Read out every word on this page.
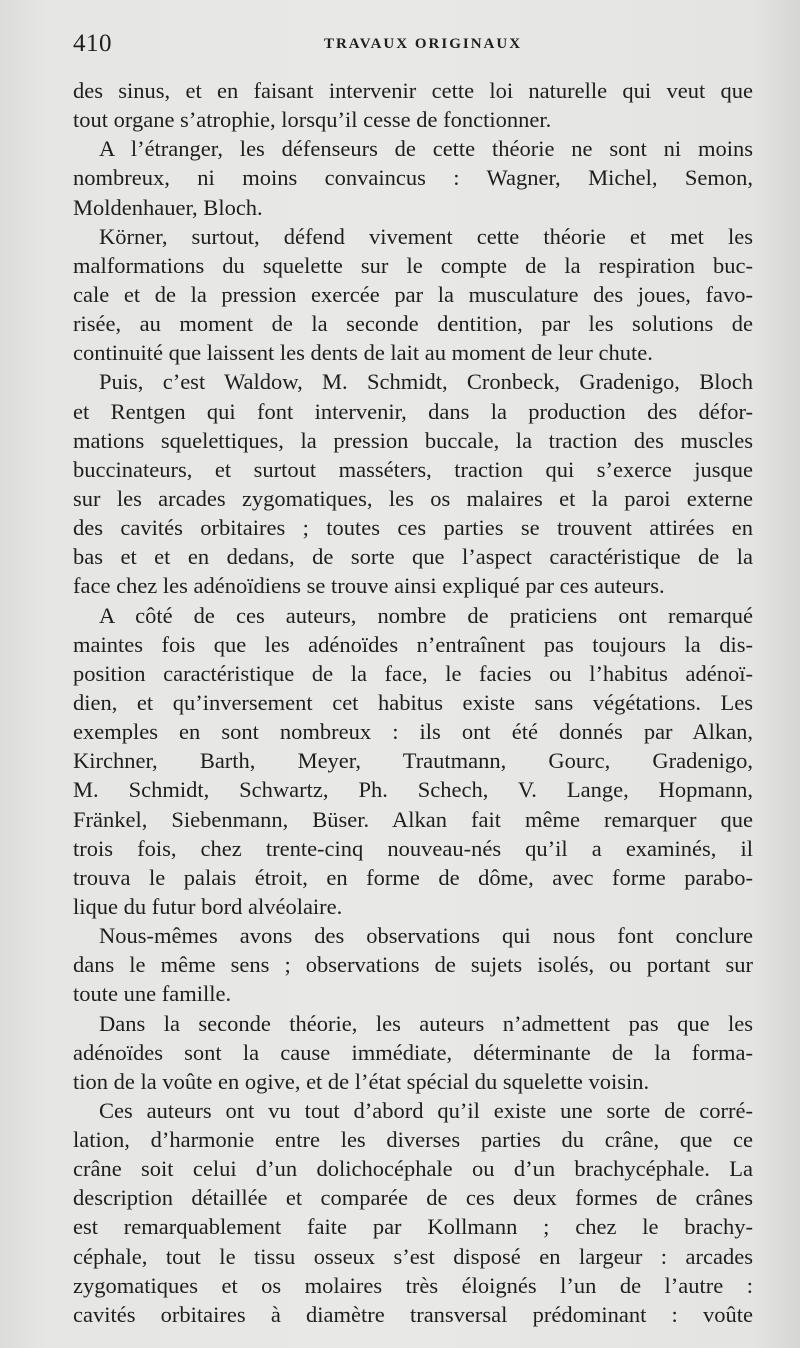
410	TRAVAUX ORIGINAUX
des sinus, et en faisant intervenir cette loi naturelle qui veut que
tout organe s’atrophie, lorsqu’il cesse de fonctionner.
A l’étranger, les défenseurs de cette théorie ne sont ni moins
nombreux, ni moins convaincus : Wagner, Michel, Semon,
Moldenhauer, Bloch.
Körner, surtout, défend vivement cette théorie et met les
malformations du squelette sur le compte de la respiration buc-
cale et de la pression exercée par la musculature des joues, favo-
risée, au moment de la seconde dentition, par les solutions de
continuité que laissent les dents de lait au moment de leur chute.
Puis, c’est Waldow, M. Schmidt, Cronbeck, Gradenigo, Bloch
et Rentgen qui font intervenir, dans la production des défor-
mations squelettiques, la pression buccale, la traction des muscles
buccinateurs, et surtout masséters, traction qui s’exerce jusque
sur les arcades zygomatiques, les os malaires et la paroi externe
des cavités orbitaires ; toutes ces parties se trouvent attirées en
bas et et en dedans, de sorte que l’aspect caractéristique de la
face chez les adénoïdiens se trouve ainsi expliqué par ces auteurs.
A côté de ces auteurs, nombre de praticiens ont remarqué
maintes fois que les adénoïdes n’entraînent pas toujours la dis-
position caractéristique de la face, le facies ou l’habitus adénoï-
dien, et qu’inversement cet habitus existe sans végétations. Les
exemples en sont nombreux : ils ont été donnés par Alkan,
Kirchner, Barth, Meyer, Trautmann, Gourc, Gradenigo,
M. Schmidt, Schwartz, Ph. Schech, V. Lange, Hopmann,
Fränkel, Siebenmann, Büser. Alkan fait même remarquer que
trois fois, chez trente-cinq nouveau-nés qu’il a examinés, il
trouva le palais étroit, en forme de dôme, avec forme parabo-
lique du futur bord alvéolaire.
Nous-mêmes avons des observations qui nous font conclure
dans le même sens ; observations de sujets isolés, ou portant sur
toute une famille.
Dans la seconde théorie, les auteurs n’admettent pas que les
adénoïdes sont la cause immédiate, déterminante de la forma-
tion de la voûte en ogive, et de l’état spécial du squelette voisin.
Ces auteurs ont vu tout d’abord qu’il existe une sorte de corré-
lation, d’harmonie entre les diverses parties du crâne, que ce
crâne soit celui d’un dolichocéphale ou d’un brachycéphale. La
description détaillée et comparée de ces deux formes de crânes
est remarquablement faite par Kollmann ; chez le brachy-
céphale, tout le tissu osseux s’est disposé en largeur : arcades
zygomatiques et os molaires très éloignés l’un de l’autre :
cavités orbitaires à diamètre transversal prédominant : voûte
